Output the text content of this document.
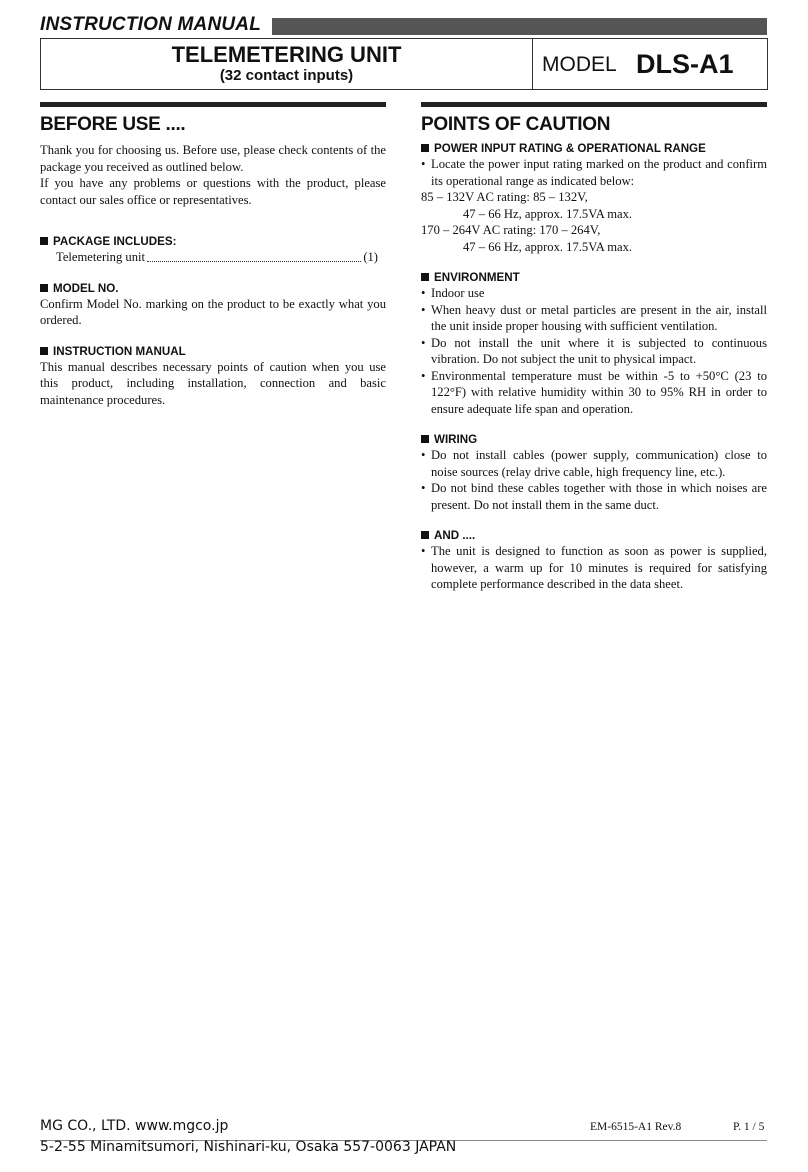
INSTRUCTION MANUAL
TELEMETERING UNIT
(32 contact inputs)	MODEL DLS-A1
BEFORE USE ....

Thank you for choosing us. Before use, please check contents of the package you received as outlined below.

If you have any problems or questions with the product, please contact our sales office or representatives.

PACKAGE INCLUDES:
Telemetering unit	(1)
MODEL NO.

Confirm Model No. marking on the product to be exactly what you ordered.

INSTRUCTION MANUAL

This manual describes necessary points of caution when you use this product, including installation, connection and basic maintenance procedures.

POINTS OF CAUTION
POWER INPUT RATING & OPERATIONAL RANGE
• Locate the power input rating marked on the product and confirm its operational range as indicated below:
85 – 132V AC rating: 85 – 132V,
47 – 66 Hz, approx. 17.5VA max.
170 – 264V AC rating: 170 – 264V,
47 – 66 Hz, approx. 17.5VA max.
ENVIRONMENT
• Indoor use
• When heavy dust or metal particles are present in the air, install the unit inside proper housing with sufficient ventilation.
• Do not install the unit where it is subjected to continuous vibration. Do not subject the unit to physical impact.
• Environmental temperature must be within -5 to +50°C (23 to 122°F) with relative humidity within 30 to 95% RH in order to ensure adequate life span and operation.
WIRING
• Do not install cables (power supply, communication) close to noise sources (relay drive cable, high frequency line, etc.).
• Do not bind these cables together with those in which noises are present. Do not install them in the same duct.
AND ....
• The unit is designed to function as soon as power is supplied, however, a warm up for 10 minutes is required for satisfying complete performance described in the data sheet.
MG CO., LTD. www.mgco.jp
5-2-55 Minamitsumori, Nishinari-ku, Osaka 557-0063 JAPAN
EM-6515-A1 Rev.8	P. 1 / 5
